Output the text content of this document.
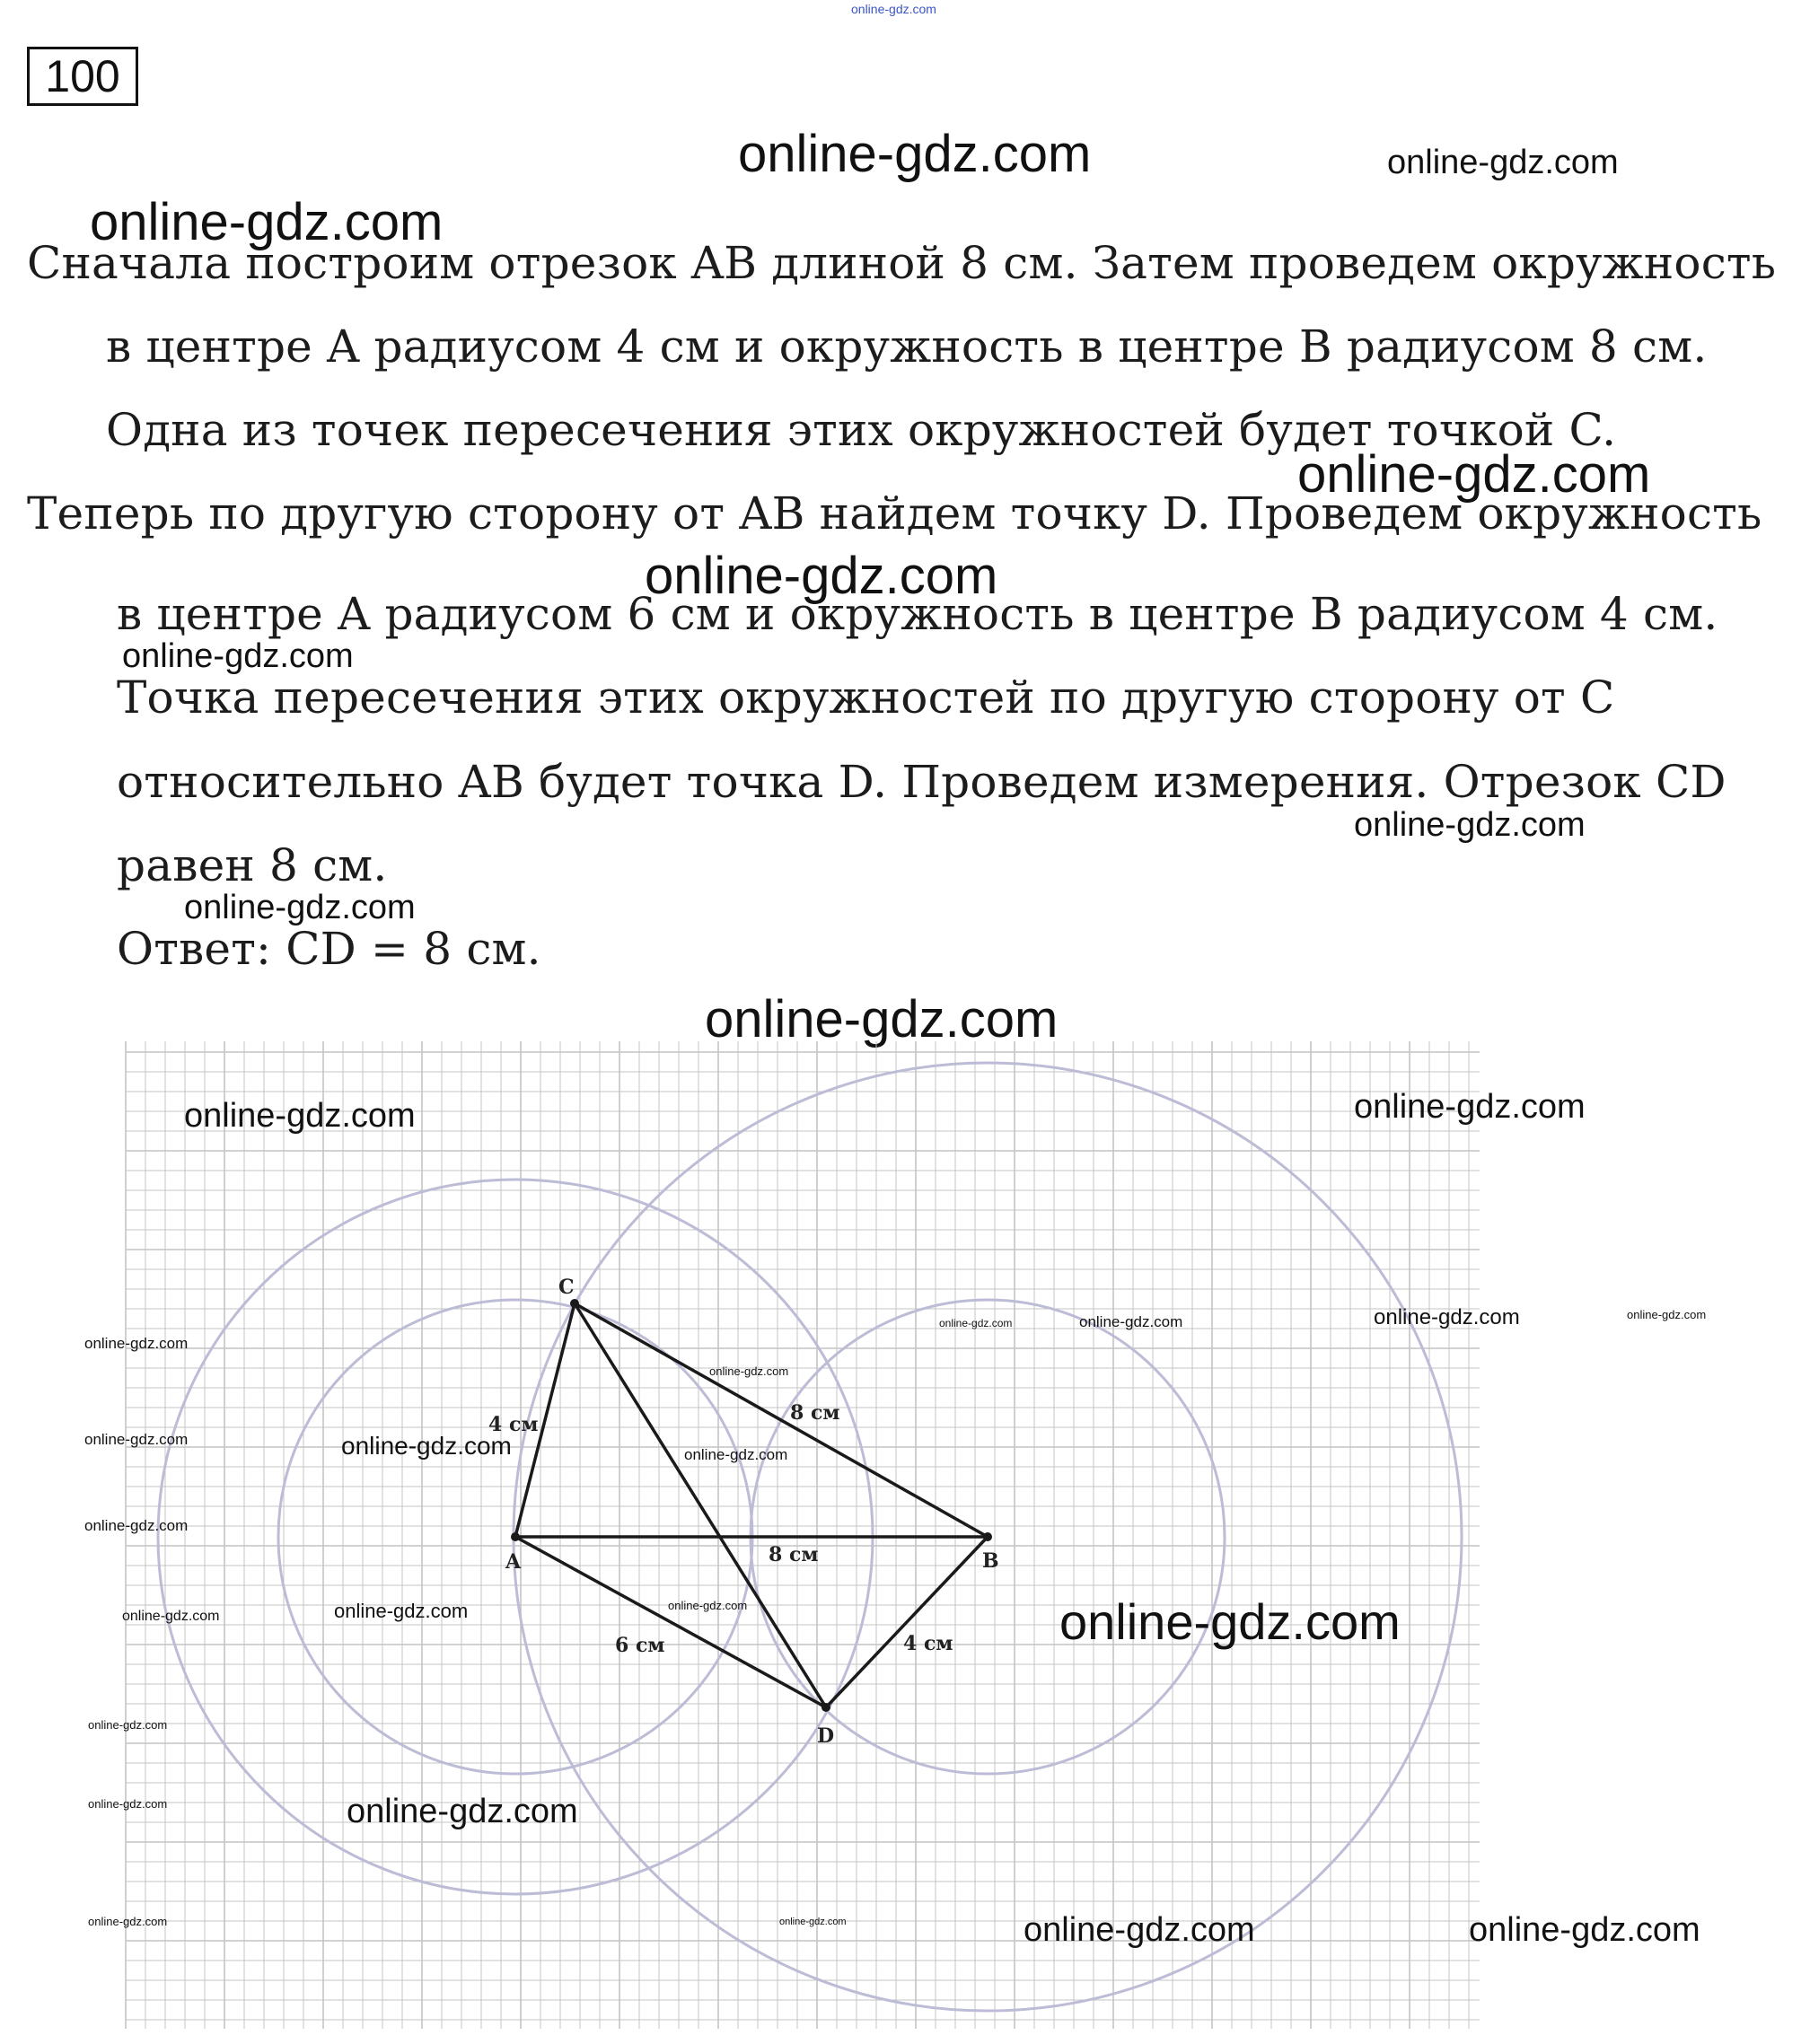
online-gdz.com
100
online-gdz.com	online-gdz.com
online-gdz.com
Сначала построим отрезок AB длиной 8 см. Затем проведем окружность
в центре A радиусом 4 см и окружность в центре B радиусом 8 см.
Одна из точек пересечения этих окружностей будет точкой C.
online-gdz.com
Теперь по другую сторону от AB найдем точку D. Проведем окружность
online-gdz.com
в центре A радиусом 6 см и окружность в центре B радиусом 4 см.
online-gdz.com
Точка пересечения этих окружностей по другую сторону от C
относительно AB будет точка D. Проведем измерения. Отрезок CD
online-gdz.com
равен 8 см.
online-gdz.com
Ответ: CD = 8 см.
online-gdz.com
A	B
C
D
4 см	8 см
8 см
6 см	4 см
online-gdz.com	online-gdz.com
online-gdz.com	online-gdz.com	online-gdz.com	online-gdz.com
online-gdz.com
online-gdz.com
online-gdz.com	online-gdz.com	online-gdz.com
online-gdz.com
online-gdz.com	online-gdz.com
online-gdz.com	online-gdz.com
online-gdz.com
online-gdz.com	online-gdz.com
online-gdz.com	online-gdz.com	online-gdz.com	online-gdz.com
